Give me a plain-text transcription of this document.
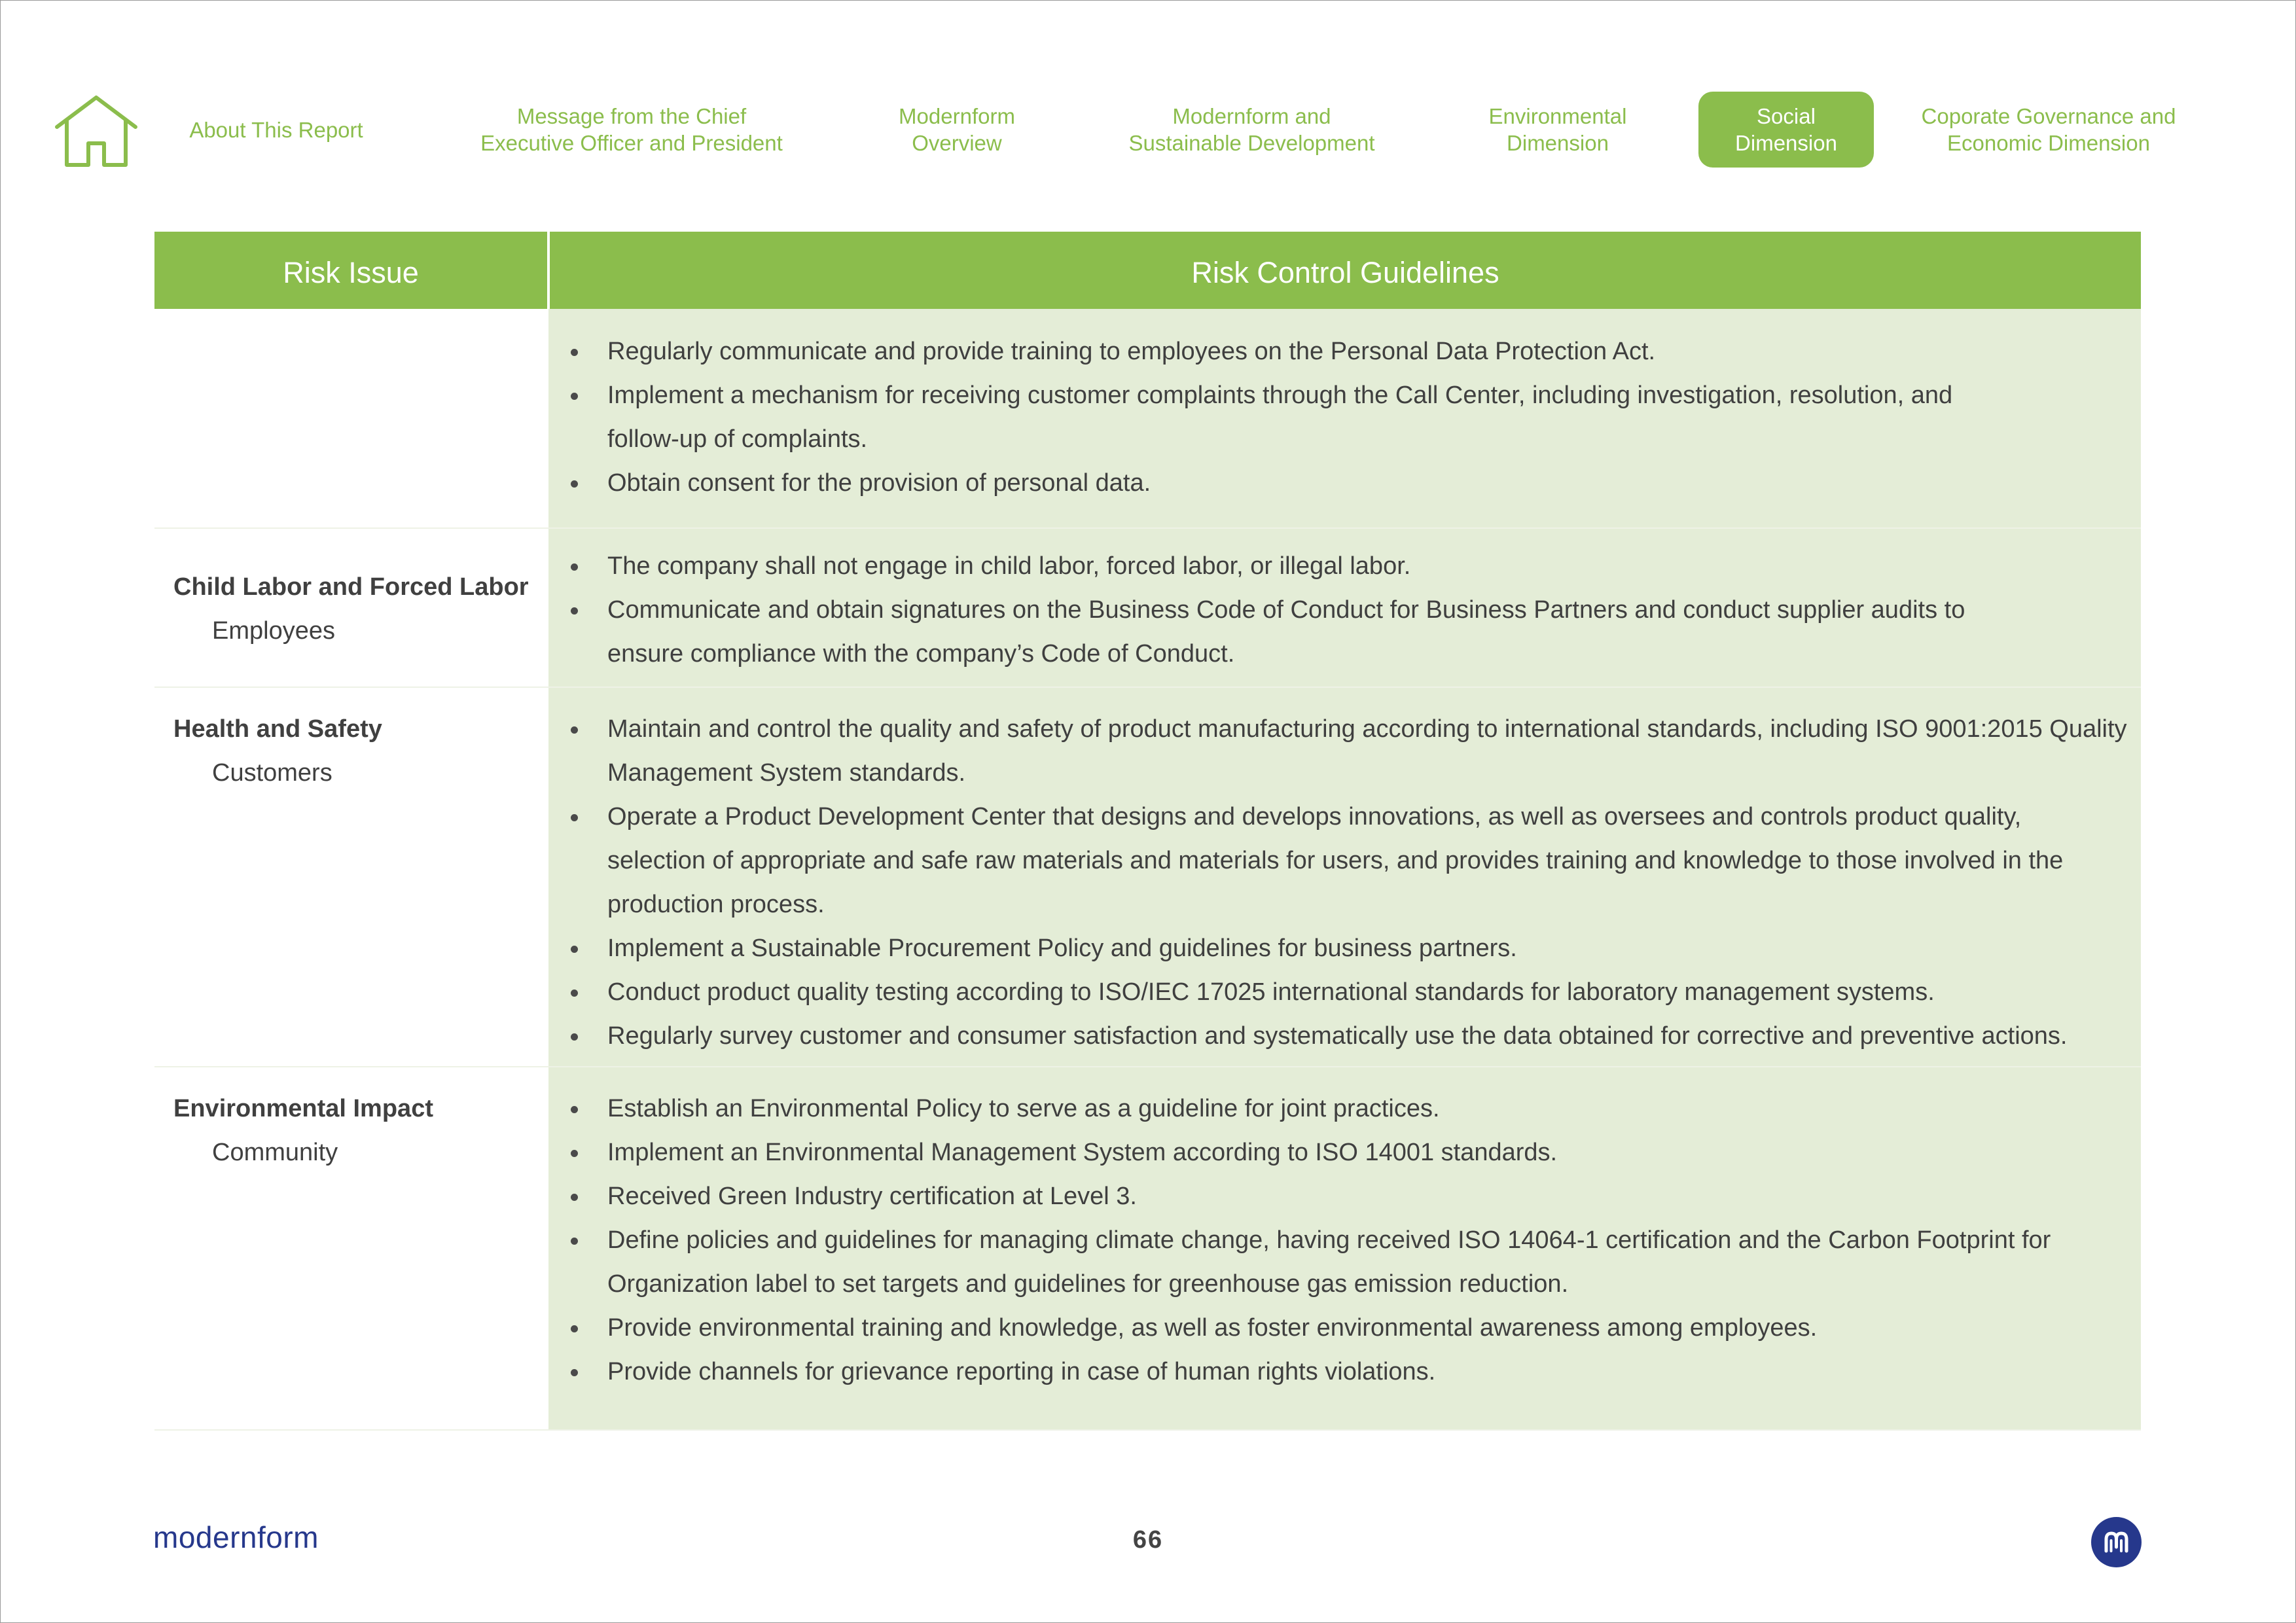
About This Report
Message from the Chief
Executive Officer and President
Modernform
Overview
Modernform and
Sustainable Development
Environmental
Dimension
Social
Dimension
Coporate Governance and
Economic Dimension
Risk Issue	Risk Control Guidelines
Regularly communicate and provide training to employees on the Personal Data Protection Act.
Implement a mechanism for receiving customer complaints through the Call Center, including investigation, resolution, and follow-up of complaints.
Obtain consent for the provision of personal data.
Child Labor and Forced Labor
Employees
The company shall not engage in child labor, forced labor, or illegal labor.
Communicate and obtain signatures on the Business Code of Conduct for Business Partners and conduct supplier audits to ensure compliance with the company’s Code of Conduct.
Health and Safety
Customers
Maintain and control the quality and safety of product manufacturing according to international standards, including ISO 9001:2015 Quality Management System standards.
Operate a Product Development Center that designs and develops innovations, as well as oversees and controls product quality, selection of appropriate and safe raw materials and materials for users, and provides training and knowledge to those involved in the production process.
Implement a Sustainable Procurement Policy and guidelines for business partners.
Conduct product quality testing according to ISO/IEC 17025 international standards for laboratory management systems.
Regularly survey customer and consumer satisfaction and systematically use the data obtained for corrective and preventive actions.
Environmental Impact
Community
Establish an Environmental Policy to serve as a guideline for joint practices.
Implement an Environmental Management System according to ISO 14001 standards.
Received Green Industry certification at Level 3.
Define policies and guidelines for managing climate change, having received ISO 14064-1 certification and the Carbon Footprint for Organization label to set targets and guidelines for greenhouse gas emission reduction.
Provide environmental training and knowledge, as well as foster environmental awareness among employees.
Provide channels for grievance reporting in case of human rights violations.
modernform	66
